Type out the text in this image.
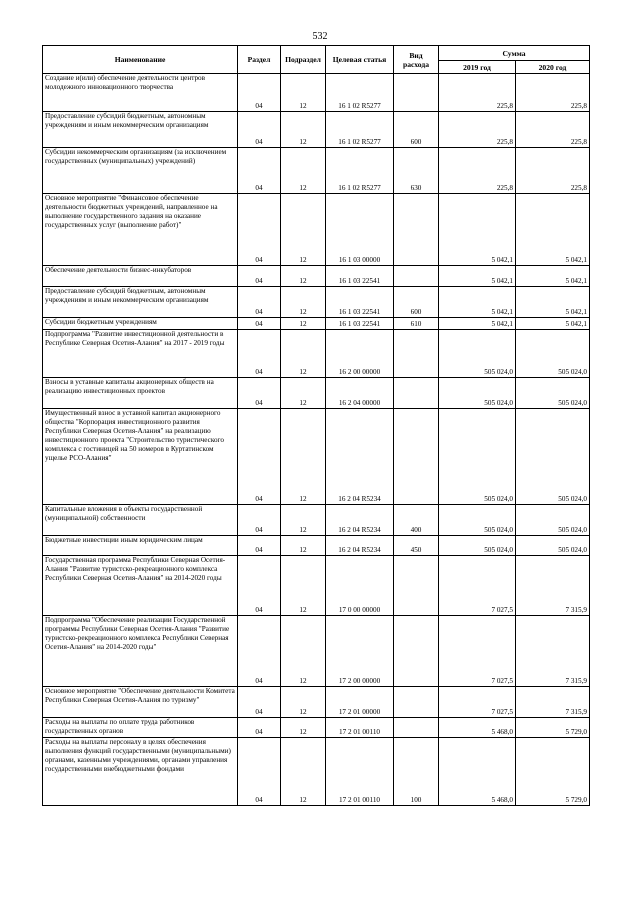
532
Наименование	Раздел	Подраздел	Целевая статья	Вид расхода	Сумма	
					2019 год	2020 год
Создание и(или) обеспечение деятельности центров молодежного инновационного творчества	04	12	16 1 02 R5277		225,8	225,8
Предоставление субсидий бюджетным, автономным учреждениям и иным некоммерческим организациям	04	12	16 1 02 R5277	600	225,8	225,8
Субсидии некоммерческим организациям (за исключением государственных (муниципальных) учреждений)	04	12	16 1 02 R5277	630	225,8	225,8
Основное мероприятие "Финансовое обеспечение деятельности бюджетных учреждений, направленное на выполнение государственного задания на оказание государственных услуг (выполнение работ)"	04	12	16 1 03 00000		5 042,1	5 042,1
Обеспечение деятельности бизнес-инкубаторов	04	12	16 1 03 22541		5 042,1	5 042,1
Предоставление субсидий бюджетным, автономным учреждениям и иным некоммерческим организациям	04	12	16 1 03 22541	600	5 042,1	5 042,1
Субсидии бюджетным учреждениям	04	12	16 1 03 22541	610	5 042,1	5 042,1
Подпрограмма "Развитие инвестиционной деятельности в Республике Северная Осетия-Алания" на 2017 - 2019 годы	04	12	16 2 00 00000		505 024,0	505 024,0
Взносы в уставные капиталы акционерных обществ на реализацию инвестиционных проектов	04	12	16 2 04 00000		505 024,0	505 024,0
Имущественный взнос в уставной капитал акционерного общества "Корпорация инвестиционного развития Республики Северная Осетия-Алания" на реализацию инвестиционного проекта "Строительство туристического комплекса с гостиницей на 50 номеров в Куртатинском ущелье РСО-Алания"	04	12	16 2 04 R5234		505 024,0	505 024,0
Капитальные вложения в объекты государственной (муниципальной) собственности	04	12	16 2 04 R5234	400	505 024,0	505 024,0
Бюджетные инвестиции иным юридическим лицам	04	12	16 2 04 R5234	450	505 024,0	505 024,0
Государственная программа Республики Северная Осетия-Алания "Развитие туристско-рекреационного комплекса Республики Северная Осетия-Алания" на 2014-2020 годы	04	12	17 0 00 00000		7 027,5	7 315,9
Подпрограмма "Обеспечение реализации Государственной программы Республики Северная Осетия-Алания "Развитие туристско-рекреационного комплекса Республики Северная Осетия-Алания" на 2014-2020 годы"	04	12	17 2 00 00000		7 027,5	7 315,9
Основное мероприятие "Обеспечение деятельности Комитета Республики Северная Осетия-Алания по туризму"	04	12	17 2 01 00000		7 027,5	7 315,9
Расходы на выплаты по оплате труда работников государственных органов	04	12	17 2 01 00110		5 468,0	5 729,0
Расходы на выплаты персоналу в целях обеспечения выполнения функций государственными (муниципальными) органами, казенными учреждениями, органами управления государственными внебюджетными фондами	04	12	17 2 01 00110	100	5 468,0	5 729,0
